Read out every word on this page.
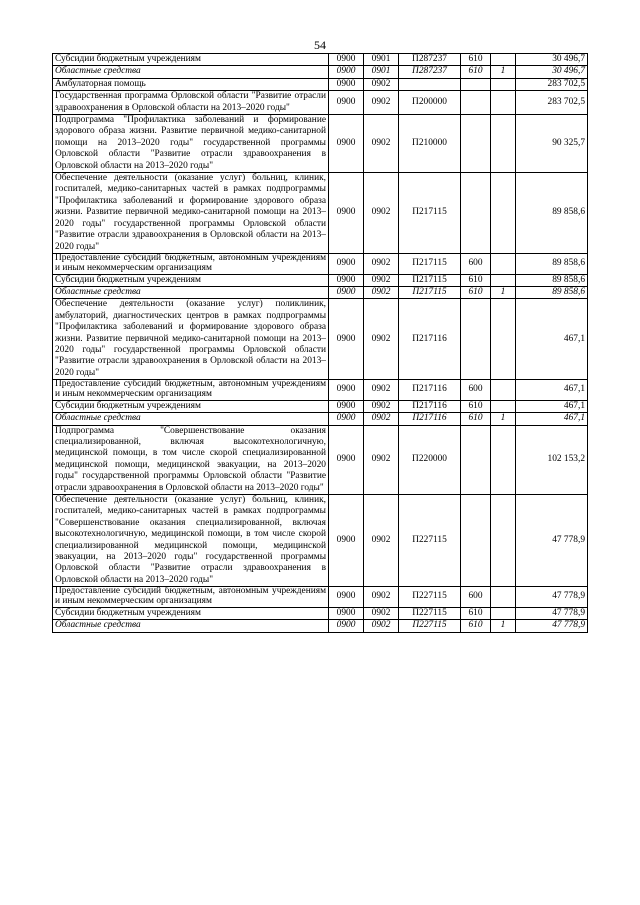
54
Субсидии бюджетным учреждениям	0900	0901	П287237	610		30 496,7
Областные средства	0900	0901	П287237	610	1	30 496,7
Амбулаторная помощь	0900	0902				283 702,5
Государственная программа Орловской области "Развитие отрасли здравоохранения в Орловской области на 2013–2020 годы"	0900	0902	П200000			283 702,5
Подпрограмма "Профилактика заболеваний и формирование здорового образа жизни. Развитие первичной медико-санитарной помощи на 2013–2020 годы" государственной программы Орловской области "Развитие отрасли здравоохранения в Орловской области на 2013–2020 годы"	0900	0902	П210000			90 325,7
Обеспечение деятельности (оказание услуг) больниц, клиник, госпиталей, медико-санитарных частей в рамках подпрограммы "Профилактика заболеваний и формирование здорового образа жизни. Развитие первичной медико-санитарной помощи на 2013–2020 годы" государственной программы Орловской области "Развитие отрасли здравоохранения в Орловской области на 2013–2020 годы"	0900	0902	П217115			89 858,6
Предоставление субсидий бюджетным, автономным учреждениям и иным некоммерческим организациям	0900	0902	П217115	600		89 858,6
Субсидии бюджетным учреждениям	0900	0902	П217115	610		89 858,6
Областные средства	0900	0902	П217115	610	1	89 858,6
Обеспечение деятельности (оказание услуг) поликлиник, амбулаторий, диагностических центров в рамках подпрограммы "Профилактика заболеваний и формирование здорового образа жизни. Развитие первичной медико-санитарной помощи на 2013–2020 годы" государственной программы Орловской области "Развитие отрасли здравоохранения в Орловской области на 2013–2020 годы"	0900	0902	П217116			467,1
Предоставление субсидий бюджетным, автономным учреждениям и иным некоммерческим организациям	0900	0902	П217116	600		467,1
Субсидии бюджетным учреждениям	0900	0902	П217116	610		467,1
Областные средства	0900	0902	П217116	610	1	467,1
Подпрограмма "Совершенствование оказания специализированной, включая высокотехнологичную, медицинской помощи, в том числе скорой специализированной медицинской помощи, медицинской эвакуации, на 2013–2020 годы" государственной программы Орловской области "Развитие отрасли здравоохранения в Орловской области на 2013–2020 годы"	0900	0902	П220000			102 153,2
Обеспечение деятельности (оказание услуг) больниц, клиник, госпиталей, медико-санитарных частей в рамках подпрограммы "Совершенствование оказания специализированной, включая высокотехнологичную, медицинской помощи, в том числе скорой специализированной медицинской помощи, медицинской эвакуации, на 2013–2020 годы" государственной программы Орловской области "Развитие отрасли здравоохранения в Орловской области на 2013–2020 годы"	0900	0902	П227115			47 778,9
Предоставление субсидий бюджетным, автономным учреждениям и иным некоммерческим организациям	0900	0902	П227115	600		47 778,9
Субсидии бюджетным учреждениям	0900	0902	П227115	610		47 778,9
Областные средства	0900	0902	П227115	610	1	47 778,9
